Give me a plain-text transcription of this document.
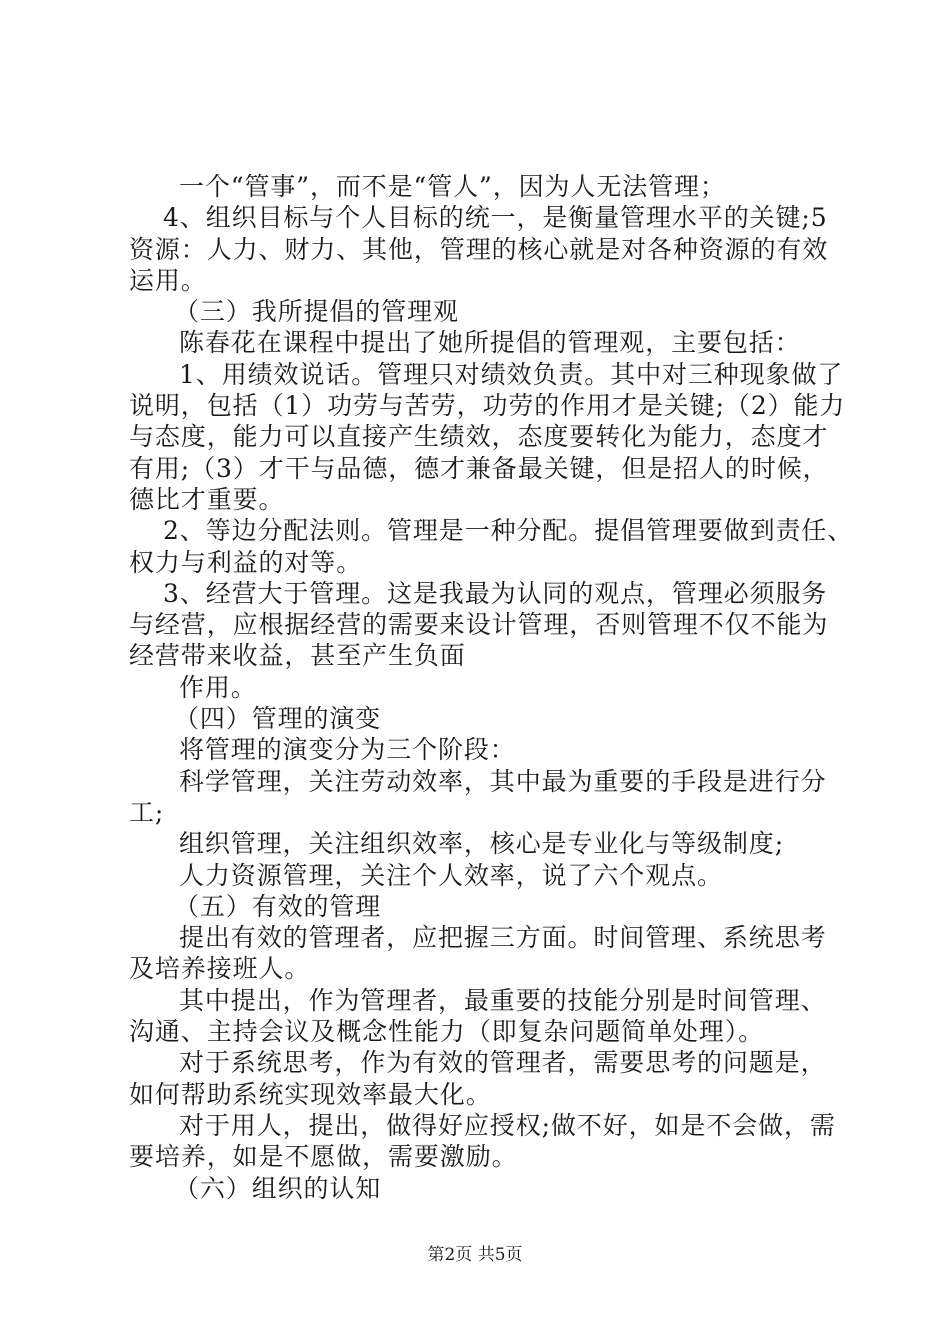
一个“管事”，而不是“管人”，因为人无法管理；
4、组织目标与个人目标的统一，是衡量管理水平的关键;5
资源：人力、财力、其他，管理的核心就是对各种资源的有效
运用。
（三）我所提倡的管理观
陈春花在课程中提出了她所提倡的管理观，主要包括：
1、用绩效说话。管理只对绩效负责。其中对三种现象做了
说明，包括（1）功劳与苦劳，功劳的作用才是关键;（2）能力
与态度，能力可以直接产生绩效，态度要转化为能力，态度才
有用;（3）才干与品德，德才兼备最关键，但是招人的时候，
德比才重要。
2、等边分配法则。管理是一种分配。提倡管理要做到责任、
权力与利益的对等。
3、经营大于管理。这是我最为认同的观点，管理必须服务
与经营，应根据经营的需要来设计管理，否则管理不仅不能为
经营带来收益，甚至产生负面
作用。
（四）管理的演变
将管理的演变分为三个阶段：
科学管理，关注劳动效率，其中最为重要的手段是进行分
工;
组织管理，关注组织效率，核心是专业化与等级制度;
人力资源管理，关注个人效率，说了六个观点。
（五）有效的管理
提出有效的管理者，应把握三方面。时间管理、系统思考
及培养接班人。
其中提出，作为管理者，最重要的技能分别是时间管理、
沟通、主持会议及概念性能力（即复杂问题简单处理）。
对于系统思考，作为有效的管理者，需要思考的问题是，
如何帮助系统实现效率最大化。
对于用人，提出，做得好应授权;做不好，如是不会做，需
要培养，如是不愿做，需要激励。
（六）组织的认知
第2页 共5页
